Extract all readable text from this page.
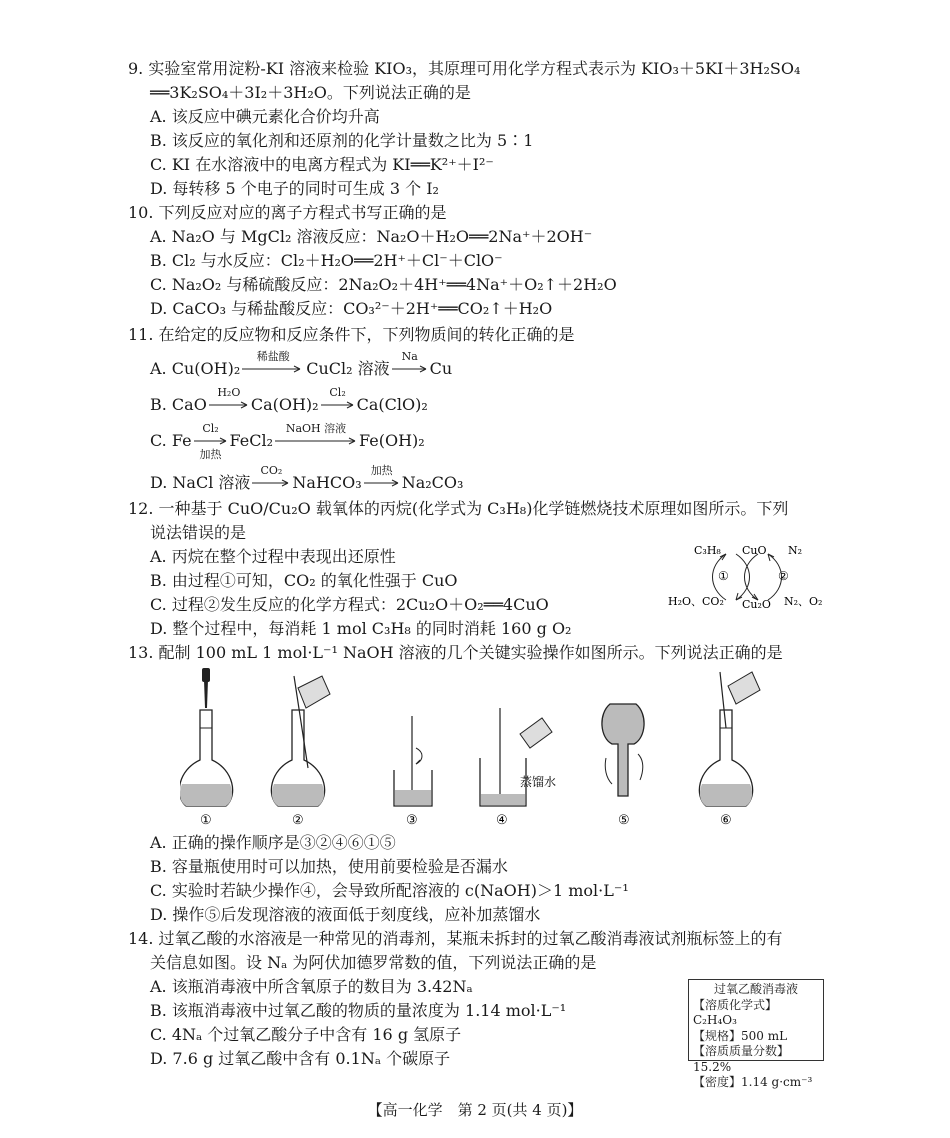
9. 实验室常用淀粉-KI 溶液来检验 KIO₃，其原理可用化学方程式表示为 KIO₃＋5KI＋3H₂SO₄
══3K₂SO₄＋3I₂＋3H₂O。下列说法正确的是
A. 该反应中碘元素化合价均升高
B. 该反应的氧化剂和还原剂的化学计量数之比为 5∶1
C. KI 在水溶液中的电离方程式为 KI══K²⁺＋I²⁻
D. 每转移 5 个电子的同时可生成 3 个 I₂
10. 下列反应对应的离子方程式书写正确的是
A. Na₂O 与 MgCl₂ 溶液反应：Na₂O＋H₂O══2Na⁺＋2OH⁻
B. Cl₂ 与水反应：Cl₂＋H₂O══2H⁺＋Cl⁻＋ClO⁻
C. Na₂O₂ 与稀硫酸反应：2Na₂O₂＋4H⁺══4Na⁺＋O₂↑＋2H₂O
D. CaCO₃ 与稀盐酸反应：CO₃²⁻＋2H⁺══CO₂↑＋H₂O
11. 在给定的反应物和反应条件下，下列物质间的转化正确的是
A. Cu(OH)₂
稀盐酸
CuCl₂ 溶液
Na
Cu
B. CaO
H₂O
Ca(OH)₂
Cl₂
Ca(ClO)₂
C. Fe
Cl₂
加热
FeCl₂
NaOH 溶液
Fe(OH)₂
D. NaCl 溶液
CO₂
NaHCO₃
加热
Na₂CO₃
12. 一种基于 CuO/Cu₂O 载氧体的丙烷(化学式为 C₃H₈)化学链燃烧技术原理如图所示。下列
说法错误的是
A. 丙烷在整个过程中表现出还原性
B. 由过程①可知，CO₂ 的氧化性强于 CuO
C. 过程②发生反应的化学方程式：2Cu₂O＋O₂══4CuO
D. 整个过程中，每消耗 1 mol C₃H₈ 的同时消耗 160 g O₂
C₃H₈ CuO N₂
①	②
H₂O、CO₂ Cu₂O N₂、O₂
13. 配制 100 mL 1 mol·L⁻¹ NaOH 溶液的几个关键实验操作如图所示。下列说法正确的是
蒸馏水
①	②	③	④	⑤	⑥
A. 正确的操作顺序是③②④⑥①⑤
B. 容量瓶使用时可以加热，使用前要检验是否漏水
C. 实验时若缺少操作④，会导致所配溶液的 c(NaOH)＞1 mol·L⁻¹
D. 操作⑤后发现溶液的液面低于刻度线，应补加蒸馏水
14. 过氧乙酸的水溶液是一种常见的消毒剂，某瓶未拆封的过氧乙酸消毒液试剂瓶标签上的有
关信息如图。设 Nₐ 为阿伏加德罗常数的值，下列说法正确的是
A. 该瓶消毒液中所含氧原子的数目为 3.42Nₐ
B. 该瓶消毒液中过氧乙酸的物质的量浓度为 1.14 mol·L⁻¹
C. 4Nₐ 个过氧乙酸分子中含有 16 g 氢原子
D. 7.6 g 过氧乙酸中含有 0.1Nₐ 个碳原子
过氧乙酸消毒液
【溶质化学式】C₂H₄O₃
【规格】500 mL
【溶质质量分数】15.2%
【密度】1.14 g·cm⁻³
【高一化学　第 2 页(共 4 页)】
